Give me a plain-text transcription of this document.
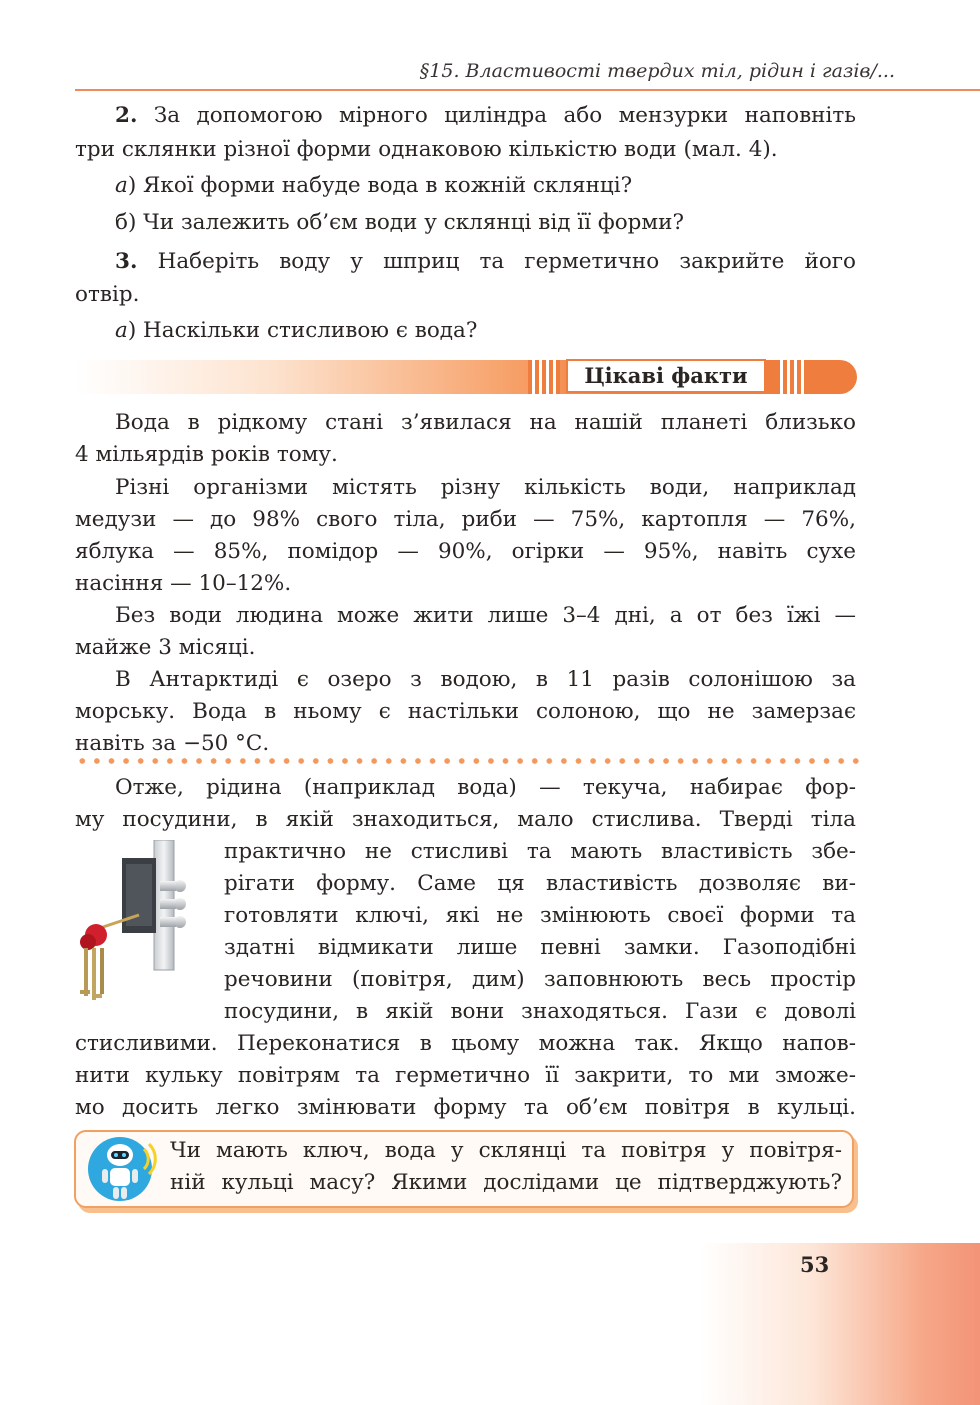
§15. Властивості твердих тіл, рідин і газів/...

2. За допомогою мірного циліндра або мензурки наповніть

три склянки різної форми однаковою кількістю води (мал. 4).

а) Якої форми набуде вода в кожній склянці?

б) Чи залежить об’єм води у склянці від її форми?

3. Наберіть воду у шприц та герметично закрийте його

отвір.

а) Наскільки стисливою є вода?

Цікаві факти

Вода в рідкому стані з’явилася на нашій планеті близько

4 мільярдів років тому.

Різні організми містять різну кількість води, наприклад

медузи — до 98% свого тіла, риби — 75%, картопля — 76%,

яблука — 85%, помідор — 90%, огірки — 95%, навіть сухе

насіння — 10–12%.

Без води людина може жити лише 3–4 дні, а от без їжі —

майже 3 місяці.

В Антарктиді є озеро з водою, в 11 разів солонішою за

морську. Вода в ньому є настільки солоною, що не замерзає

навіть за −50 °С.

Отже, рідина (наприклад вода) — текуча, набирає фор-

му посудини, в якій знаходиться, мало стислива. Тверді тіла

практично не стисливі та мають властивість збе-

рігати форму. Саме ця властивість дозволяє ви-

готовляти ключі, які не змінюють своєї форми та

здатні відмикати лише певні замки. Газоподібні

речовини (повітря, дим) заповнюють весь простір

посудини, в якій вони знаходяться. Гази є доволі

стисливими. Переконатися в цьому можна так. Якщо напов-

нити кульку повітрям та герметично її закрити, то ми зможе-

мо досить легко змінювати форму та об’єм повітря в кульці.

Чи мають ключ, вода у склянці та повітря у повітря-

ній кульці масу? Якими дослідами це підтверджують?

53
